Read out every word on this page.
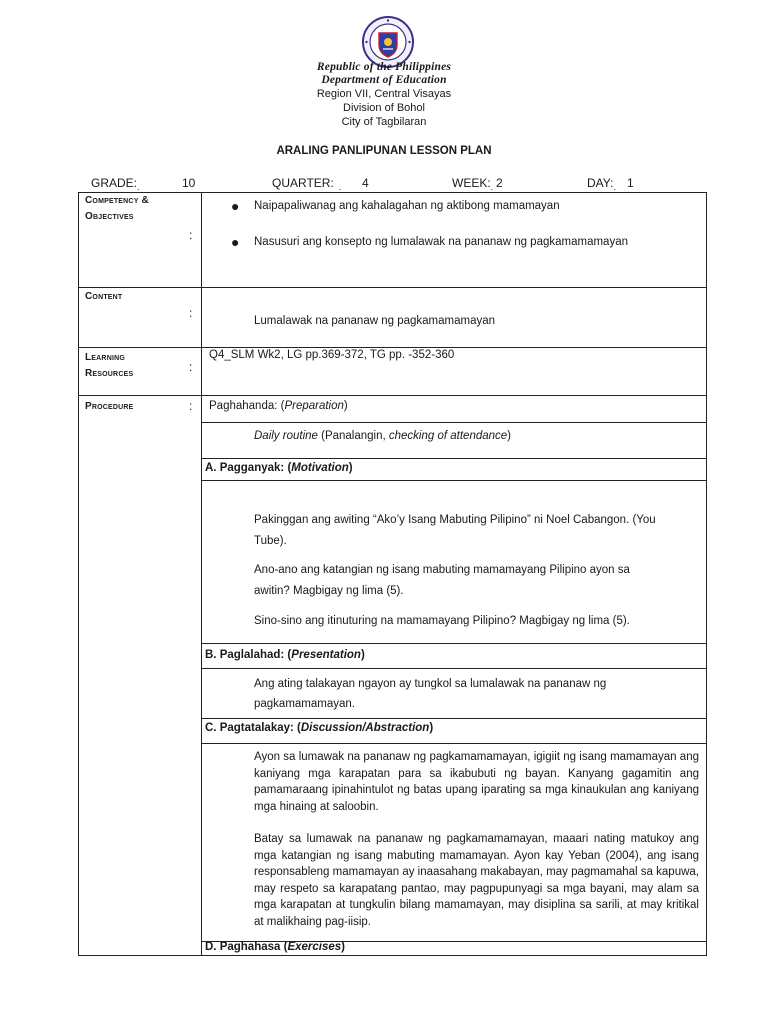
Republic of the Philippines
Department of Education
Region VII, Central Visayas
Division of Bohol
City of Tagbilaran
ARALING PANLIPUNAN LESSON PLAN
$GRADE:_.$	10	QUARTER: $_.$ 4	$WEEK:_.$ 2	$DAY:_.$ 1
Competency &
Objectives
:
● Naipapaliwanag ang kahalagahan ng aktibong mamamayan
● Nasusuri ang konsepto ng lumalawak na pananaw ng pagkamamamayan
Content
:
Lumalawak na pananaw ng pagkamamamayan
Learning
Resources	:
Q4_SLM Wk2, LG pp.369-372, TG pp. -352-360
Procedure	: Paghahanda: (Preparation)
Daily routine (Panalangin, checking of attendance)
A. Pagganyak: (Motivation)
Pakinggan ang awiting “Ako’y Isang Mabuting Pilipino” ni Noel Cabangon. (You
Tube).
Ano-ano ang katangian ng isang mabuting mamamayang Pilipino ayon sa
awitin? Magbigay ng lima (5).
Sino-sino ang itinuturing na mamamayang Pilipino? Magbigay ng lima (5).
B. Paglalahad: (Presentation)
Ang ating talakayan ngayon ay tungkol sa lumalawak na pananaw ng
pagkamamamayan.
C. Pagtatalakay: (Discussion/Abstraction)
Ayon sa lumawak na pananaw ng pagkamamamayan, igigiit ng isang mamamayan ang kaniyang mga karapatan para sa ikabubuti ng bayan. Kanyang gagamitin ang pamamaraang ipinahintulot ng batas upang iparating sa mga kinaukulan ang kaniyang mga hinaing at saloobin.
Batay sa lumawak na pananaw ng pagkamamamayan, maaari nating matukoy ang mga katangian ng isang mabuting mamamayan. Ayon kay Yeban (2004), ang isang responsableng mamamayan ay inaasahang makabayan, may pagmamahal sa kapuwa, may respeto sa karapatang pantao, may pagpupunyagi sa mga bayani, may alam sa mga karapatan at tungkulin bilang mamamayan, may disiplina sa sarili, at may kritikal at malikhaing pag-iisip.
D. Paghahasa (Exercises)
